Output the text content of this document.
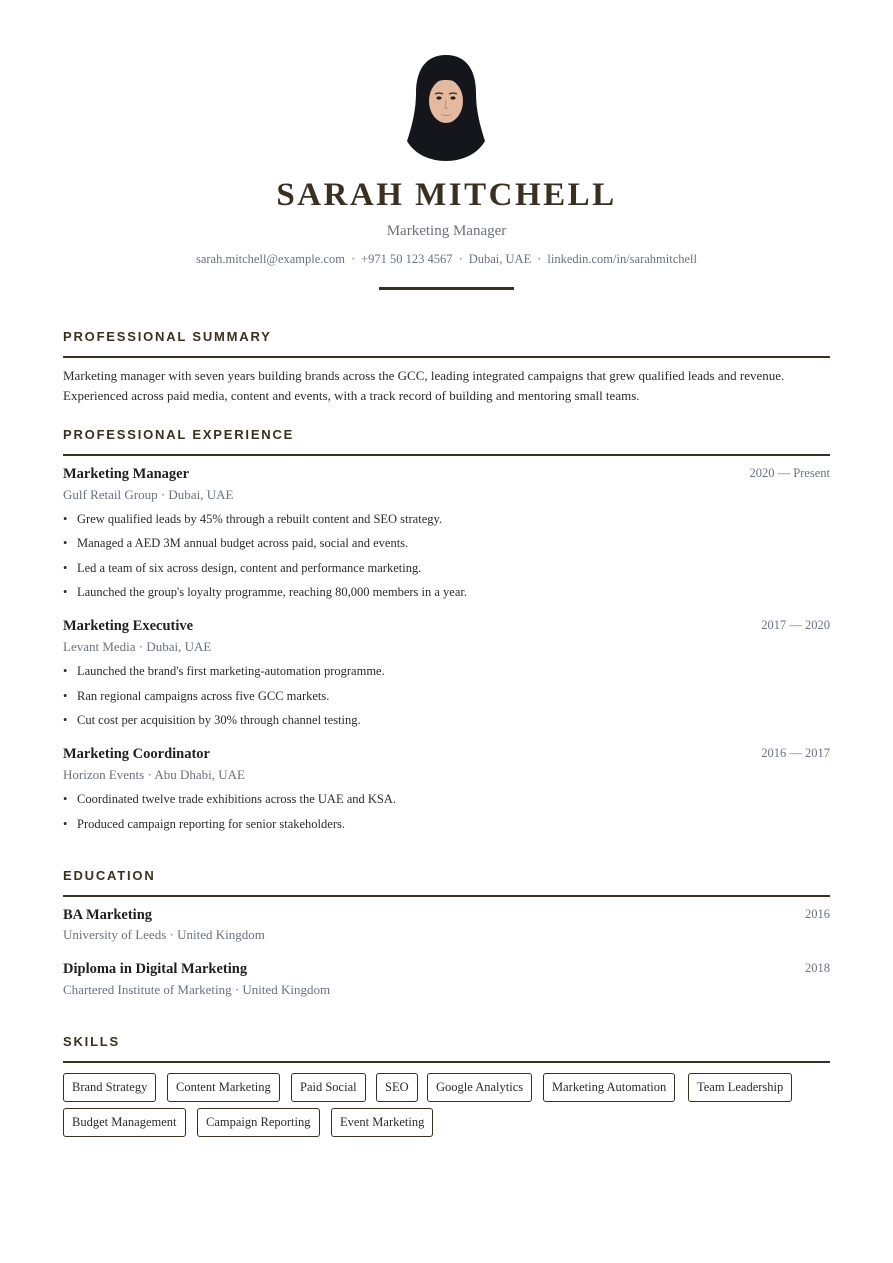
SARAH MITCHELL
Marketing Manager
sarah.mitchell@example.com · +971 50 123 4567 · Dubai, UAE · linkedin.com/in/sarahmitchell
PROFESSIONAL SUMMARY
Marketing manager with seven years building brands across the GCC, leading integrated campaigns that grew qualified leads and revenue.
Experienced across paid media, content and events, with a track record of building and mentoring small teams.
PROFESSIONAL EXPERIENCE
Marketing Manager	2020 — Present
Gulf Retail Group · Dubai, UAE
• Grew qualified leads by 45% through a rebuilt content and SEO strategy.
• Managed a AED 3M annual budget across paid, social and events.
• Led a team of six across design, content and performance marketing.
• Launched the group's loyalty programme, reaching 80,000 members in a year.
Marketing Executive	2017 — 2020
Levant Media · Dubai, UAE
• Launched the brand's first marketing-automation programme.
• Ran regional campaigns across five GCC markets.
• Cut cost per acquisition by 30% through channel testing.
Marketing Coordinator	2016 — 2017
Horizon Events · Abu Dhabi, UAE
• Coordinated twelve trade exhibitions across the UAE and KSA.
• Produced campaign reporting for senior stakeholders.
EDUCATION
BA Marketing	2016
University of Leeds · United Kingdom
Diploma in Digital Marketing	2018
Chartered Institute of Marketing · United Kingdom
SKILLS
Brand Strategy	Content Marketing	Paid Social	SEO	Google Analytics	Marketing Automation	Team Leadership
Budget Management	Campaign Reporting	Event Marketing
